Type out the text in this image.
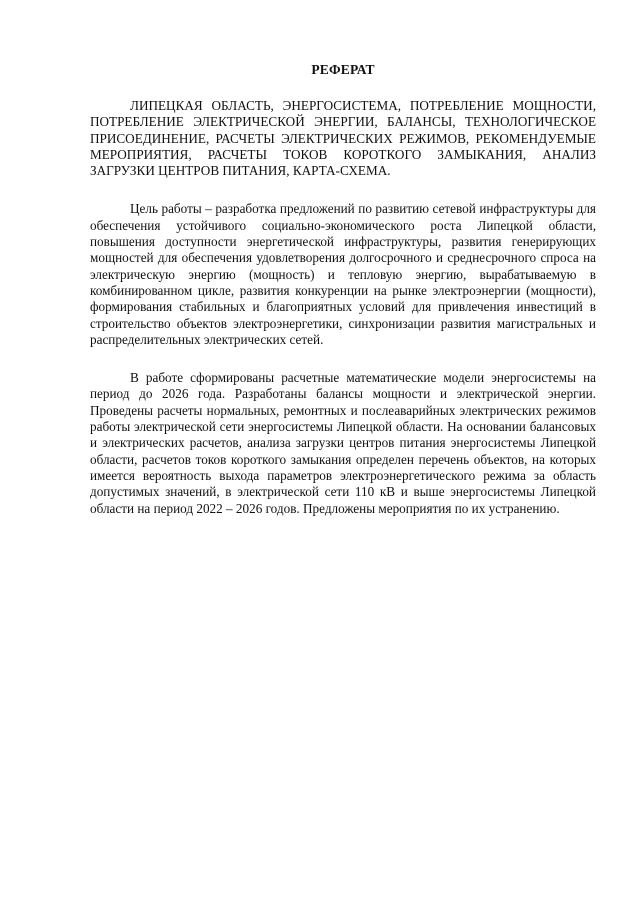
РЕФЕРАТ

ЛИПЕЦКАЯ ОБЛАСТЬ, ЭНЕРГОСИСТЕМА, ПОТРЕБЛЕНИЕ МОЩНОСТИ, ПОТРЕБЛЕНИЕ ЭЛЕКТРИЧЕСКОЙ ЭНЕРГИИ, БАЛАНСЫ, ТЕХНОЛОГИЧЕСКОЕ ПРИСОЕДИНЕНИЕ, РАСЧЕТЫ ЭЛЕКТРИЧЕСКИХ РЕЖИМОВ, РЕКОМЕНДУЕМЫЕ МЕРОПРИЯТИЯ, РАСЧЕТЫ ТОКОВ КОРОТКОГО ЗАМЫКАНИЯ, АНАЛИЗ ЗАГРУЗКИ ЦЕНТРОВ ПИТАНИЯ, КАРТА-СХЕМА.

Цель работы – разработка предложений по развитию сетевой инфраструктуры для обеспечения устойчивого социально-экономического роста Липецкой области, повышения доступности энергетической инфраструктуры, развития генерирующих мощностей для обеспечения удовлетворения долгосрочного и среднесрочного спроса на электрическую энергию (мощность) и тепловую энергию, вырабатываемую в комбинированном цикле, развития конкуренции на рынке электроэнергии (мощности), формирования стабильных и благоприятных условий для привлечения инвестиций в строительство объектов электроэнергетики, синхронизации развития магистральных и распределительных электрических сетей.

В работе сформированы расчетные математические модели энергосистемы на период до 2026 года. Разработаны балансы мощности и электрической энергии. Проведены расчеты нормальных, ремонтных и послеаварийных электрических режимов работы электрической сети энергосистемы Липецкой области. На основании балансовых и электрических расчетов, анализа загрузки центров питания энергосистемы Липецкой области, расчетов токов короткого замыкания определен перечень объектов, на которых имеется вероятность выхода параметров электроэнергетического режима за область допустимых значений, в электрической сети 110 кВ и выше энергосистемы Липецкой области на период 2022 – 2026 годов. Предложены мероприятия по их устранению.
